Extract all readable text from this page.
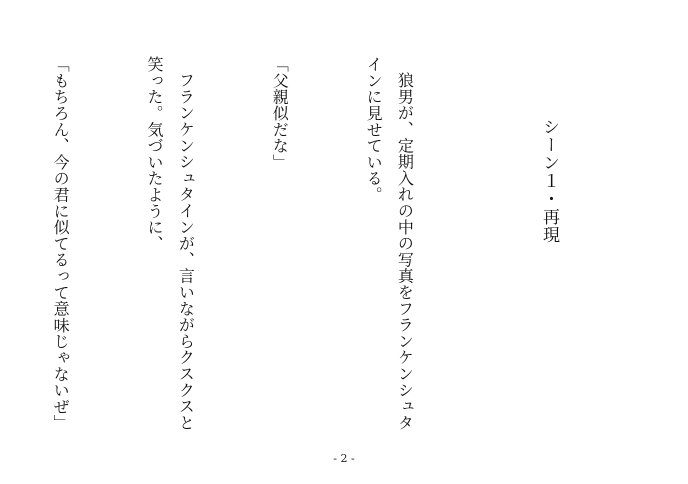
シーン１・再現

狼男が、定期入れの中の写真をフランケンシュタインに見せている。

「父親似だな」

フランケンシュタインが、言いながらクスクスと笑った。気づいたように、

「もちろん、今の君に似てるって意味じゃないぜ」

- 2 -
